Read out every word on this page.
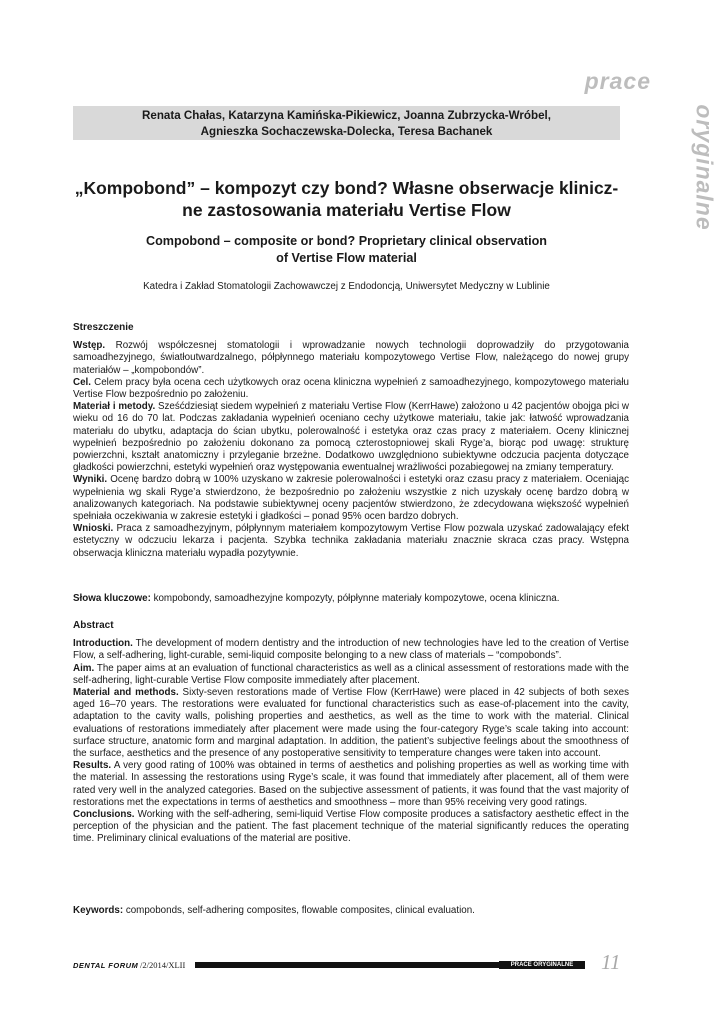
prace
oryginalne
Renata Chałas, Katarzyna Kamińska-Pikiewicz, Joanna Zubrzycka-Wróbel,
Agnieszka Sochaczewska-Dolecka, Teresa Bachanek
„Kompobond” – kompozyt czy bond? Własne obserwacje klinicz-
ne zastosowania materiału Vertise Flow
Compobond – composite or bond? Proprietary clinical observation
of Vertise Flow material
Katedra i Zakład Stomatologii Zachowawczej z Endodoncją, Uniwersytet Medyczny w Lublinie
Streszczenie

Wstęp. Rozwój współczesnej stomatologii i wprowadzanie nowych technologii doprowadziły do przygotowania samoadhezyjnego, światłoutwardzalnego, półpłynnego materiału kompozytowego Vertise Flow, należącego do nowej grupy materiałów – „kompobondów”.

Cel. Celem pracy była ocena cech użytkowych oraz ocena kliniczna wypełnień z samoadhezyjnego, kompozytowego materiału Vertise Flow bezpośrednio po założeniu.

Materiał i metody. Sześćdziesiąt siedem wypełnień z materiału Vertise Flow (KerrHawe) założono u 42 pacjentów obojga płci w wieku od 16 do 70 lat. Podczas zakładania wypełnień oceniano cechy użytkowe materiału, takie jak: łatwość wprowadzania materiału do ubytku, adaptacja do ścian ubytku, polerowalność i estetyka oraz czas pracy z materiałem. Oceny klinicznej wypełnień bezpośrednio po założeniu dokonano za pomocą czterostopniowej skali Ryge’a, biorąc pod uwagę: strukturę powierzchni, kształt anatomiczny i przyleganie brzeżne. Dodatkowo uwzględniono subiektywne odczucia pacjenta dotyczące gładkości powierzchni, estetyki wypełnień oraz występowania ewentualnej wrażliwości pozabiegowej na zmiany temperatury.

Wyniki. Ocenę bardzo dobrą w 100% uzyskano w zakresie polerowalności i estetyki oraz czasu pracy z materiałem. Oceniając wypełnienia wg skali Ryge’a stwierdzono, że bezpośrednio po założeniu wszystkie z nich uzyskały ocenę bardzo dobrą w analizowanych kategoriach. Na podstawie subiektywnej oceny pacjentów stwierdzono, że zdecydowana większość wypełnień spełniała oczekiwania w zakresie estetyki i gładkości – ponad 95% ocen bardzo dobrych.

Wnioski. Praca z samoadhezyjnym, półpłynnym materiałem kompozytowym Vertise Flow pozwala uzyskać zadowalający efekt estetyczny w odczuciu lekarza i pacjenta. Szybka technika zakładania materiału znacznie skraca czas pracy. Wstępna obserwacja kliniczna materiału wypadła pozytywnie.

Słowa kluczowe: kompobondy, samoadhezyjne kompozyty, półpłynne materiały kompozytowe, ocena kliniczna.

Abstract

Introduction. The development of modern dentistry and the introduction of new technologies have led to the creation of Vertise Flow, a self-adhering, light-curable, semi-liquid composite belonging to a new class of materials – “compobonds”.

Aim. The paper aims at an evaluation of functional characteristics as well as a clinical assessment of restorations made with the self-adhering, light-curable Vertise Flow composite immediately after placement.

Material and methods. Sixty-seven restorations made of Vertise Flow (KerrHawe) were placed in 42 subjects of both sexes aged 16–70 years. The restorations were evaluated for functional characteristics such as ease-of-placement into the cavity, adaptation to the cavity walls, polishing properties and aesthetics, as well as the time to work with the material. Clinical evaluations of restorations immediately after placement were made using the four-category Ryge’s scale taking into account: surface structure, anatomic form and marginal adaptation. In addition, the patient’s subjective feelings about the smoothness of the surface, aesthetics and the presence of any postoperative sensitivity to temperature changes were taken into account.

Results. A very good rating of 100% was obtained in terms of aesthetics and polishing properties as well as working time with the material. In assessing the restorations using Ryge’s scale, it was found that immediately after placement, all of them were rated very well in the analyzed categories. Based on the subjective assessment of patients, it was found that the vast majority of restorations met the expectations in terms of aesthetics and smoothness – more than 95% receiving very good ratings.

Conclusions. Working with the self-adhering, semi-liquid Vertise Flow composite produces a satisfactory aesthetic effect in the perception of the physician and the patient. The fast placement technique of the material significantly reduces the operating time. Preliminary clinical evaluations of the material are positive.

Keywords: compobonds, self-adhering composites, flowable composites, clinical evaluation.

DENTAL FORUM /2/2014/XLII	PRACE ORYGINALNE	11
